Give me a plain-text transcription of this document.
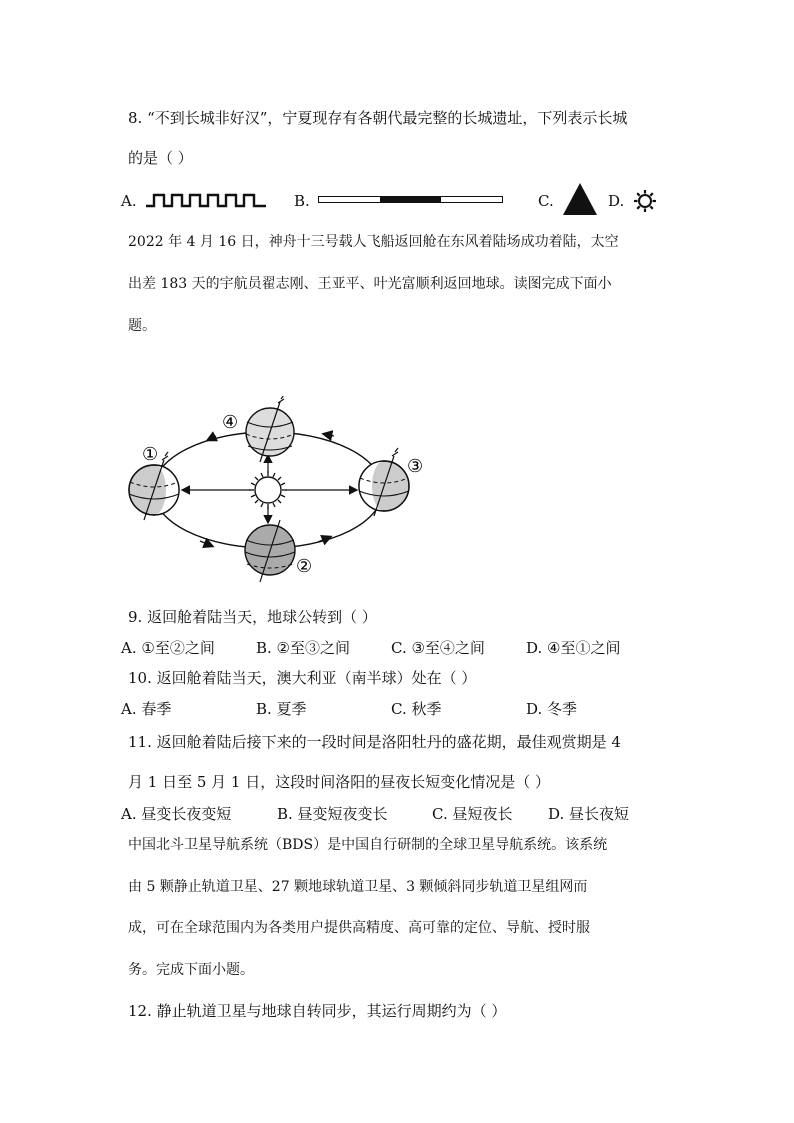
8. “不到长城非好汉”，宁夏现存有各朝代最完整的长城遗址，下列表示长城
的是（ ）
A.	B.	C.	D.
2022 年 4 月 16 日，神舟十三号载人飞船返回舱在东风着陆场成功着陆，太空
出差 183 天的宇航员翟志刚、王亚平、叶光富顺利返回地球。读图完成下面小
题。
①
②
③
④
9. 返回舱着陆当天，地球公转到（ ）
A. ①至②之间	B. ②至③之间	C. ③至④之间	D. ④至①之间
10. 返回舱着陆当天，澳大利亚（南半球）处在（ ）
A. 春季	B. 夏季	C. 秋季	D. 冬季
11. 返回舱着陆后接下来的一段时间是洛阳牡丹的盛花期，最佳观赏期是 4
月 1 日至 5 月 1 日，这段时间洛阳的昼夜长短变化情况是（ ）
A. 昼变长夜变短	B. 昼变短夜变长	C. 昼短夜长 D. 昼长夜短
中国北斗卫星导航系统（BDS）是中国自行研制的全球卫星导航系统。该系统
由 5 颗静止轨道卫星、27 颗地球轨道卫星、3 颗倾斜同步轨道卫星组网而
成，可在全球范围内为各类用户提供高精度、高可靠的定位、导航、授时服
务。完成下面小题。
12. 静止轨道卫星与地球自转同步，其运行周期约为（ ）
